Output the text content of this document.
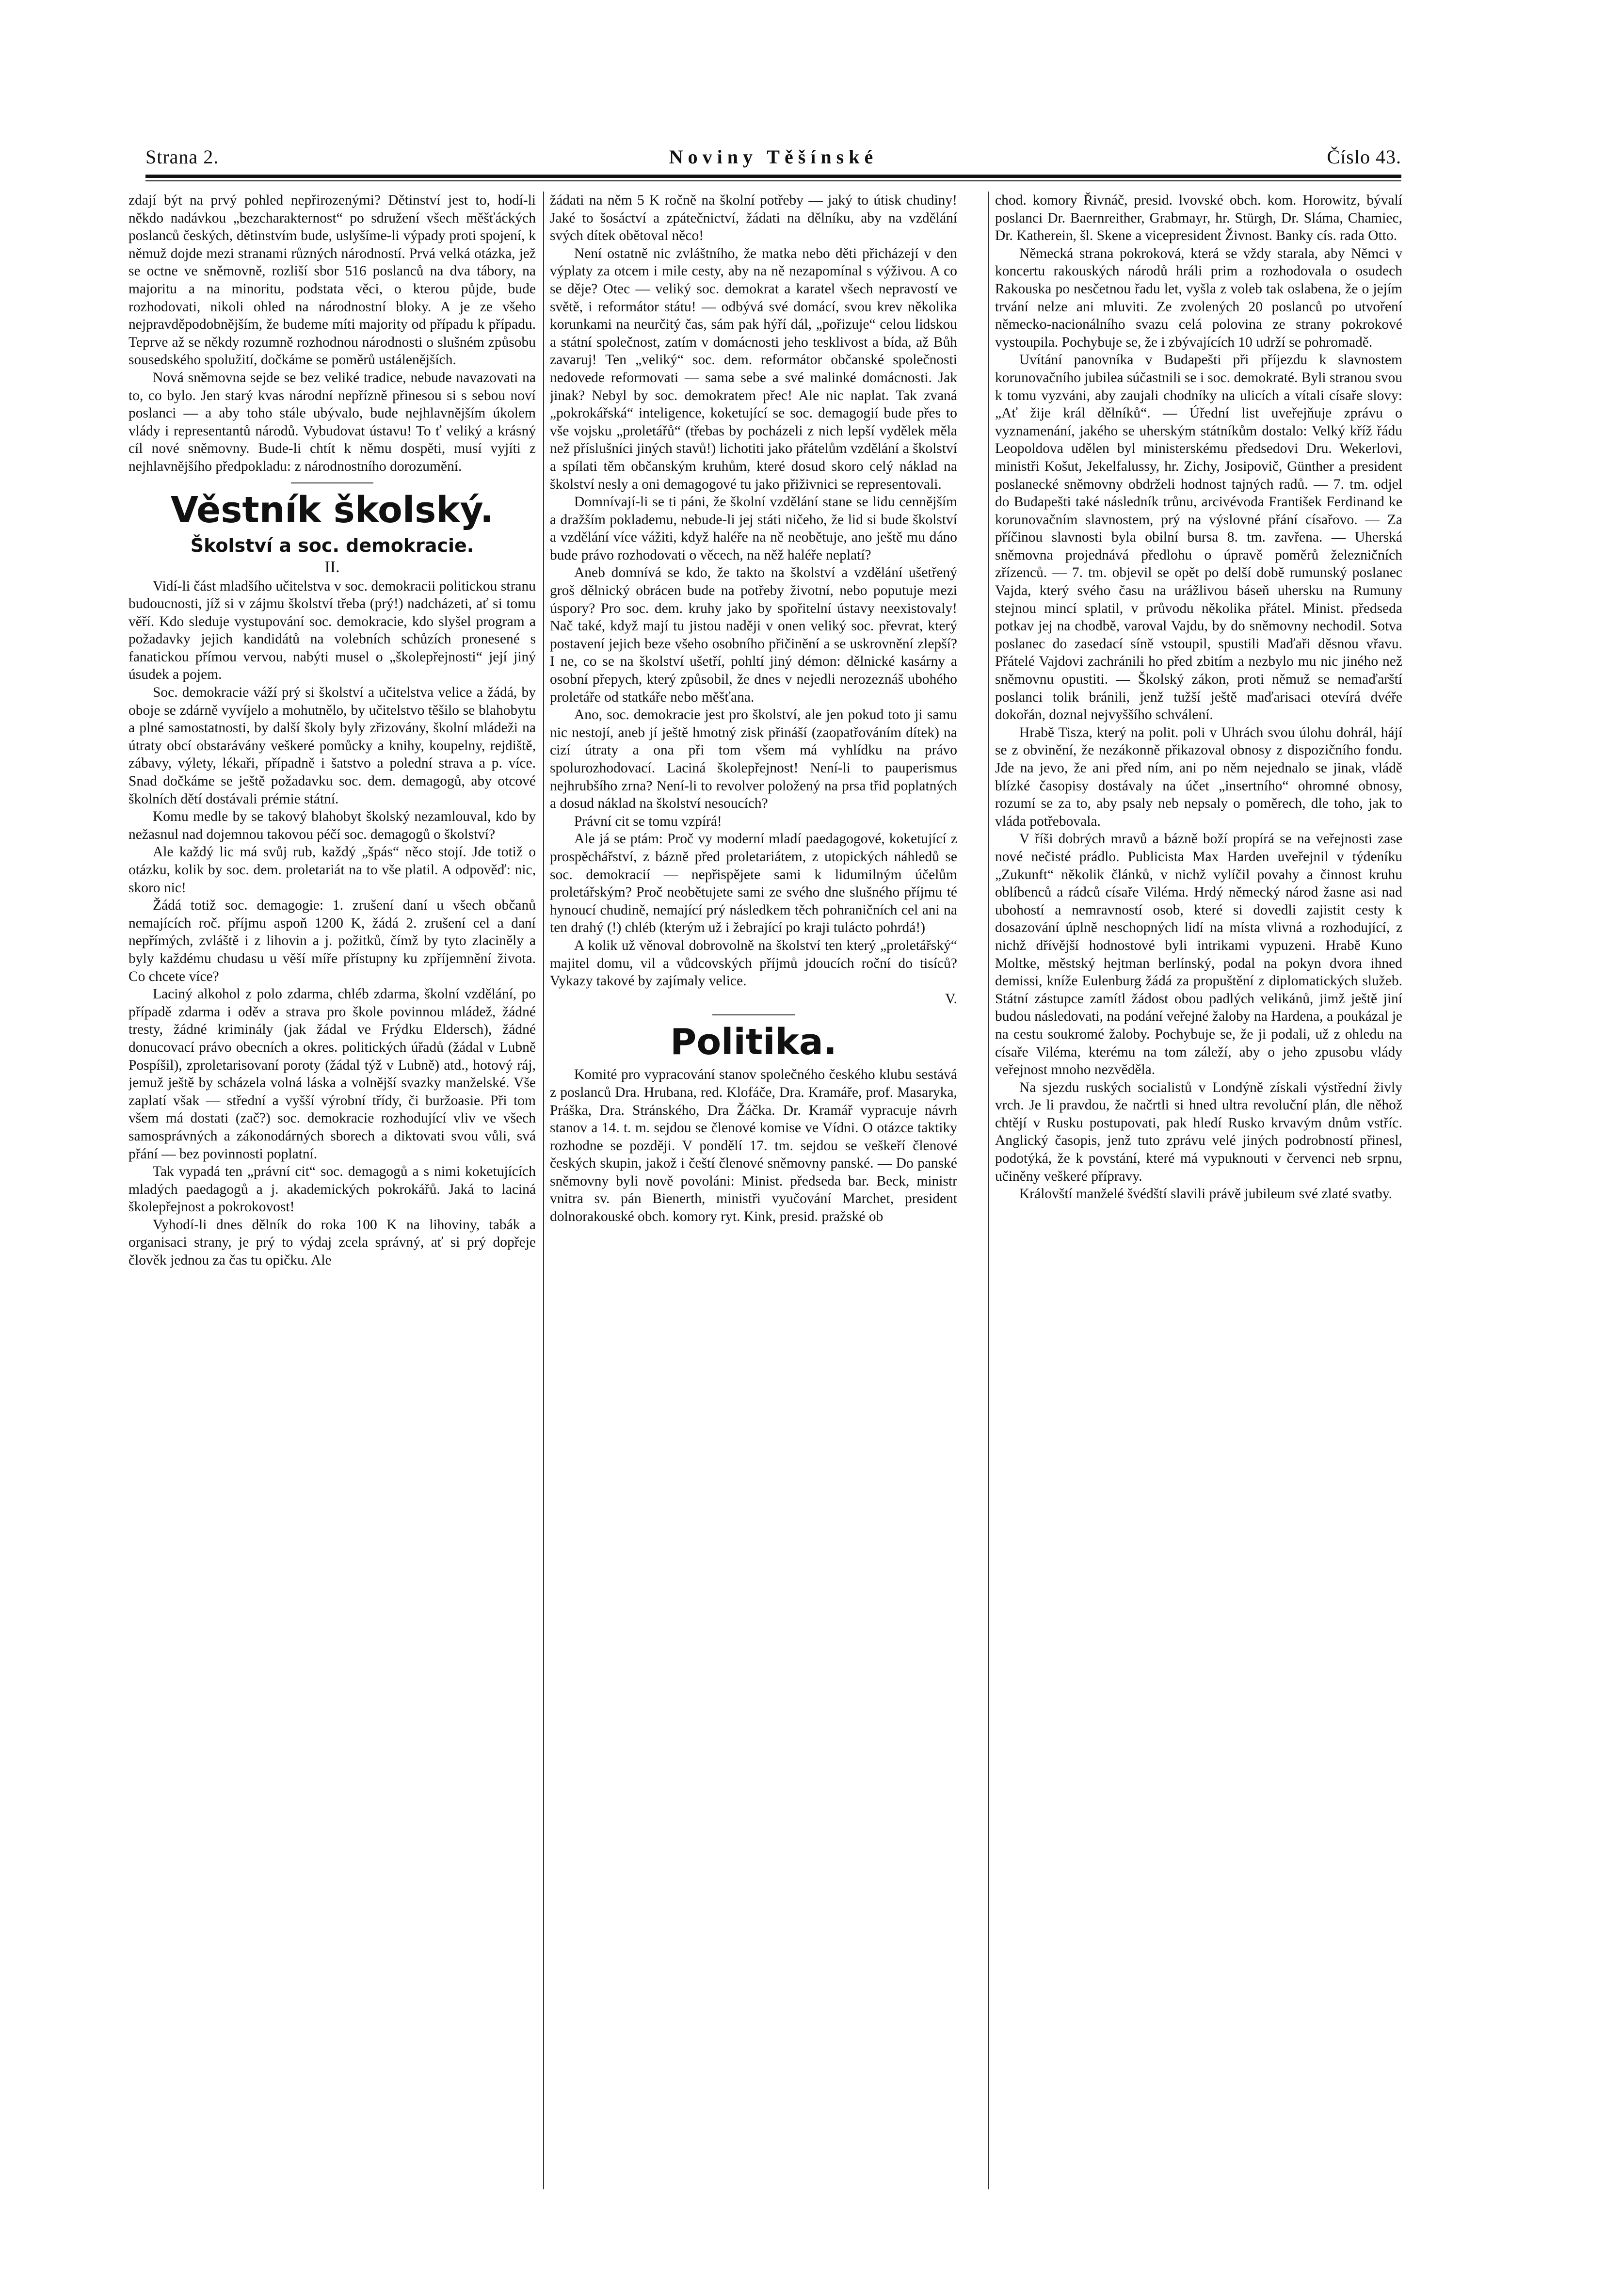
Strana 2.	Noviny Těšínské	Číslo 43.

zdají být na prvý pohled nepřirozenými? Dětinství jest to, hodí-li někdo nadávkou „bezcharakternost“ po sdružení všech měšťáckých poslanců českých, dětinstvím bude, uslyšíme-li výpady proti spojení, k němuž dojde mezi stranami různých národností. Prvá velká otázka, jež se octne ve sněmovně, rozliší sbor 516 poslanců na dva tábory, na majoritu a na minoritu, podstata věci, o kterou půjde, bude rozhodovati, nikoli ohled na národnostní bloky. A je ze všeho nejpravděpodobnějším, že budeme míti majority od případu k případu. Teprve až se někdy rozumně rozhodnou národnosti o slušném způsobu sousedského spolužití, dočkáme se poměrů ustálenějších.

Nová sněmovna sejde se bez veliké tradice, nebude navazovati na to, co bylo. Jen starý kvas národní nepřízně přinesou si s sebou noví poslanci — a aby toho stále ubývalo, bude nejhlavnějším úkolem vlády i representantů národů. Vybudovat ústavu! To ť veliký a krásný cíl nové sněmovny. Bude-li chtít k němu dospěti, musí vyjíti z nejhlavnějšího předpokladu: z národnostního dorozumění.

Věstník školský.
Školství a soc. demokracie.
II.

Vidí-li část mladšího učitelstva v soc. demokracii politickou stranu budoucnosti, jíž si v zájmu školství třeba (prý!) nadcházeti, ať si tomu věří. Kdo sleduje vystupování soc. demokracie, kdo slyšel program a požadavky jejich kandidátů na volebních schůzích pronesené s fanatickou přímou vervou, nabýti musel o „školepřejnosti“ její jiný úsudek a pojem.

Soc. demokracie váží prý si školství a učitelstva velice a žádá, by oboje se zdárně vyvíjelo a mohutnělo, by učitelstvo těšilo se blahobytu a plné samostatnosti, by další školy byly zřizovány, školní mládeži na útraty obcí obstarávány veškeré pomůcky a knihy, koupelny, rejdiště, zábavy, výlety, lékaři, případně i šatstvo a polední strava a p. více. Snad dočkáme se ještě požadavku soc. dem. demagogů, aby otcové školních dětí dostávali prémie státní.

Komu medle by se takový blahobyt školský nezamlouval, kdo by nežasnul nad dojemnou takovou péčí soc. demagogů o školství?

Ale každý lic má svůj rub, každý „špás“ něco stojí. Jde totiž o otázku, kolik by soc. dem. proletariát na to vše platil. A odpověď: nic, skoro nic!

Žádá totiž soc. demagogie: 1. zrušení daní u všech občanů nemajících roč. příjmu aspoň 1200 K, žádá 2. zrušení cel a daní nepřímých, zvláště i z lihovin a j. požitků, čímž by tyto zlaciněly a byly každému chudasu u věší míře přístupny ku zpříjemnění života. Co chcete více?

Laciný alkohol z polo zdarma, chléb zdarma, školní vzdělání, po případě zdarma i oděv a strava pro škole povinnou mládež, žádné tresty, žádné kriminály (jak žádal ve Frýdku Eldersch), žádné donucovací právo obecních a okres. politických úřadů (žádal v Lubně Pospíšil), zproletarisovaní poroty (žádal týž v Lubně) atd., hotový ráj, jemuž ještě by scházela volná láska a volnější svazky manželské. Vše zaplatí však — střední a vyšší výrobní třídy, či buržoasie. Při tom všem má dostati (zač?) soc. demokracie rozhodující vliv ve všech samosprávných a zákonodárných sborech a diktovati svou vůli, svá přání — bez povinnosti poplatní.

Tak vypadá ten „právní cit“ soc. demagogů a s nimi koketujících mladých paedagogů a j. akademických pokrokářů. Jaká to laciná školepřejnost a pokrokovost!

Vyhodí-li dnes dělník do roka 100 K na lihoviny, tabák a organisaci strany, je prý to výdaj zcela správný, ať si prý dopřeje člověk jednou za čas tu opičku. Ale

žádati na něm 5 K ročně na školní potřeby — jaký to útisk chudiny! Jaké to šosáctví a zpátečnictví, žádati na dělníku, aby na vzdělání svých dítek obětoval něco!

Není ostatně nic zvláštního, že matka nebo děti přicházejí v den výplaty za otcem i mile cesty, aby na ně nezapomínal s výživou. A co se děje? Otec — veliký soc. demokrat a karatel všech nepravostí ve světě, i reformátor státu! — odbývá své domácí, svou krev několika korunkami na neurčitý čas, sám pak hýří dál, „pořizuje“ celou lidskou a státní společnost, zatím v domácnosti jeho tesklivost a bída, až Bůh zavaruj! Ten „veliký“ soc. dem. reformátor občanské společnosti nedovede reformovati — sama sebe a své malinké domácnosti. Jak jinak? Nebyl by soc. demokratem přec! Ale nic naplat. Tak zvaná „pokrokářská“ inteligence, koketující se soc. demagogií bude přes to vše vojsku „proletářů“ (třebas by pocházeli z nich lepší vydělek měla než příslušníci jiných stavů!) lichotiti jako přátelům vzdělání a školství a spílati těm občanským kruhům, které dosud skoro celý náklad na školství nesly a oni demagogové tu jako přiživnici se representovali.

Domnívají-li se ti páni, že školní vzdělání stane se lidu cennějším a dražším poklademu, nebude-li jej státi ničeho, že lid si bude školství a vzdělání více vážiti, když haléře na ně neobětuje, ano ještě mu dáno bude právo rozhodovati o věcech, na něž haléře neplatí?

Aneb domnívá se kdo, že takto na školství a vzdělání ušetřený groš dělnický obrácen bude na potřeby životní, nebo poputuje mezi úspory? Pro soc. dem. kruhy jako by spořitelní ústavy neexistovaly! Nač také, když mají tu jistou naději v onen veliký soc. převrat, který postavení jejich beze všeho osobního přičinění a se uskrovnění zlepší? I ne, co se na školství ušetří, pohltí jiný démon: dělnické kasárny a osobní přepych, který způsobil, že dnes v nejedli nerozeznáš ubohého proletáře od statkáře nebo měšťana.

Ano, soc. demokracie jest pro školství, ale jen pokud toto ji samu nic nestojí, aneb jí ještě hmotný zisk přináší (zaopatřováním dítek) na cizí útraty a ona při tom všem má vyhlídku na právo spolurozhodovací. Laciná školepřejnost! Není-li to pauperismus nejhrubšího zrna? Není-li to revolver položený na prsa třid poplatných a dosud náklad na školství nesoucích?

Právní cit se tomu vzpírá!

Ale já se ptám: Proč vy moderní mladí paedagogové, koketující z prospěchářství, z bázně před proletariátem, z utopických náhledů se soc. demokracií — nepřispějete sami k lidumilným účelům proletářským? Proč neobětujete sami ze svého dne slušného příjmu té hynoucí chudině, nemající prý následkem těch pohraničních cel ani na ten drahý (!) chléb (kterým už i žebrající po kraji tulácto pohrdá!)

A kolik už věnoval dobrovolně na školství ten který „proletářský“ majitel domu, vil a vůdcovských příjmů jdoucích roční do tisíců? Vykazy takové by zajímaly velice.

V.

Politika.

Komité pro vypracování stanov společného českého klubu sestává z poslanců Dra. Hrubana, red. Klofáče, Dra. Kramáře, prof. Masaryka, Práška, Dra. Stránského, Dra Žáčka. Dr. Kramář vypracuje návrh stanov a 14. t. m. sejdou se členové komise ve Vídni. O otázce taktiky rozhodne se později. V pondělí 17. tm. sejdou se veškeří členové českých skupin, jakož i čeští členové sněmovny panské. — Do panské sněmovny byli nově povoláni: Minist. předseda bar. Beck, ministr vnitra sv. pán Bienerth, ministři vyučování Marchet, president dolnorakouské obch. komory ryt. Kink, presid. pražské ob

chod. komory Řivnáč, presid. lvovské obch. kom. Horowitz, bývalí poslanci Dr. Baernreither, Grabmayr, hr. Stürgh, Dr. Sláma, Chamiec, Dr. Katherein, šl. Skene a vicepresident Živnost. Banky cís. rada Otto.

Německá strana pokroková, která se vždy starala, aby Němci v koncertu rakouských národů hráli prim a rozhodovala o osudech Rakouska po nesčetnou řadu let, vyšla z voleb tak oslabena, že o jejím trvání nelze ani mluviti. Ze zvolených 20 poslanců po utvoření německo-nacionálního svazu celá polovina ze strany pokrokové vystoupila. Pochybuje se, že i zbývajících 10 udrží se pohromadě.

Uvítání panovníka v Budapešti při příjezdu k slavnostem korunovačního jubilea súčastnili se i soc. demokraté. Byli stranou svou k tomu vyzváni, aby zaujali chodníky na ulicích a vítali císaře slovy: „Ať žije král dělníků“. — Úřední list uveřejňuje zprávu o vyznamenání, jakého se uherským státníkům dostalo: Velký kříž řádu Leopoldova udělen byl ministerskému předsedovi Dru. Wekerlovi, ministři Košut, Jekelfalussy, hr. Zichy, Josipovič, Günther a president poslanecké sněmovny obdrželi hodnost tajných radů. — 7. tm. odjel do Budapešti také následník trůnu, arcivévoda František Ferdinand ke korunovačním slavnostem, prý na výslovné přání císařovo. — Za příčinou slavnosti byla obilní bursa 8. tm. zavřena. — Uherská sněmovna projednává předlohu o úpravě poměrů železničních zřízenců. — 7. tm. objevil se opět po delší době rumunský poslanec Vajda, který svého času na urážlivou báseň uhersku na Rumuny stejnou mincí splatil, v průvodu několika přátel. Minist. předseda potkav jej na chodbě, varoval Vajdu, by do sněmovny nechodil. Sotva poslanec do zasedací síně vstoupil, spustili Maďaři děsnou vřavu. Přátelé Vajdovi zachránili ho před zbitím a nezbylo mu nic jiného než sněmovnu opustiti. — Školský zákon, proti němuž se nemaďarští poslanci tolik bránili, jenž tužší ještě maďarisaci otevírá dvéře dokořán, doznal nejvyššího schválení.

Hrabě Tisza, který na polit. poli v Uhrách svou úlohu dohrál, hájí se z obvinění, že nezákonně přikazoval obnosy z dispozičního fondu. Jde na jevo, že ani před ním, ani po něm nejednalo se jinak, vládě blízké časopisy dostávaly na účet „insertního“ ohromné obnosy, rozumí se za to, aby psaly neb nepsaly o poměrech, dle toho, jak to vláda potřebovala.

V říši dobrých mravů a bázně boží propírá se na veřejnosti zase nové nečisté prádlo. Publicista Max Harden uveřejnil v týdeníku „Zukunft“ několik článků, v nichž vylíčil povahy a činnost kruhu oblíbenců a rádců císaře Viléma. Hrdý německý národ žasne asi nad ubohostí a nemravností osob, které si dovedli zajistit cesty k dosazování úplně neschopných lidí na místa vlivná a rozhodující, z nichž dřívější hodnostové byli intrikami vypuzeni. Hrabě Kuno Moltke, městský hejtman berlínský, podal na pokyn dvora ihned demissi, kníže Eulenburg žádá za propuštění z diplomatických služeb. Státní zástupce zamítl žádost obou padlých velikánů, jimž ještě jiní budou následovati, na podání veřejné žaloby na Hardena, a poukázal je na cestu soukromé žaloby. Pochybuje se, že ji podali, už z ohledu na císaře Viléma, kterému na tom záleží, aby o jeho zpusobu vlády veřejnost mnoho nezvěděla.

Na sjezdu ruských socialistů v Londýně získali výstřední živly vrch. Je li pravdou, že načrtli si hned ultra revoluční plán, dle něhož chtějí v Rusku postupovati, pak hledí Rusko krvavým dnům vstříc. Anglický časopis, jenž tuto zprávu velé jiných podrobností přinesl, podotýká, že k povstání, které má vypuknouti v červenci neb srpnu, učiněny veškeré přípravy.

Královští manželé švédští slavili právě jubileum své zlaté svatby.
